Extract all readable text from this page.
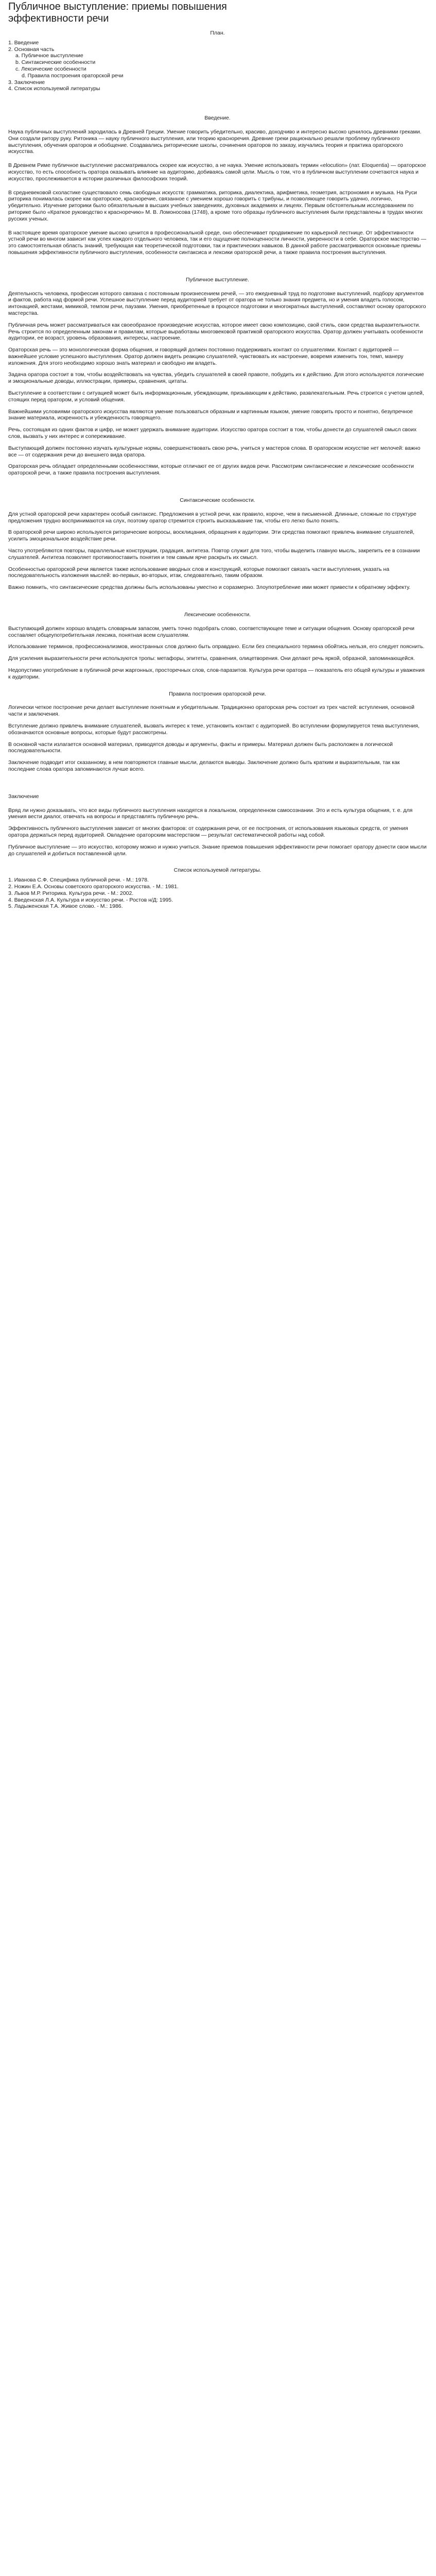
Публичное выступление: приемы повышения эффективности речи
План.
1. Введение
2. Основная часть
a. Публичное выступление
b. Синтаксические особенности
c. Лексические особенности
d. Правила построения ораторской речи
3. Заключение
4. Список используемой литературы
Введение.

Наука публичных выступлений зародилась в Древней Греции. Умение говорить убедительно, красиво, доходчиво и интересно высоко ценилось древними греками. Они создали ритору руку. Ритоника — науку публичного выступления, или теорию красноречия. Древние греки рационально решали проблему публичного выступления, обучения ораторов и обобщение. Создавались риторические школы, сочинения ораторов по заказу, изучались теория и практика ораторского искусства.

В Древнем Риме публичное выступление рассматривалось скорее как искусство, а не наука. Умение использовать термин «elocution» (лат. Eloquentia) — ораторское искусство, то есть способность оратора оказывать влияние на аудиторию, добиваясь самой цели. Мысль о том, что в публичном выступлении сочетаются наука и искусство, прослеживается в истории различных философских теорий.

В средневековой схоластике существовало семь свободных искусств: грамматика, риторика, диалектика, арифметика, геометрия, астрономия и музыка. На Руси риторика понималась скорее как ораторское, красноречие, связанное с умением хорошо говорить с трибуны, и позволяющее говорить удачно, логично, убедительно. Изучение риторики было обязательным в высших учебных заведениях, духовных академиях и лицеях. Первым обстоятельным исследованием по риторике было «Краткое руководство к красноречию» М. В. Ломоносова (1748), а кроме того образцы публичного выступления были представлены в трудах многих русских ученых.

В настоящее время ораторское умение высоко ценится в профессиональной среде, оно обеспечивает продвижение по карьерной лестнице. От эффективности устной речи во многом зависит как успех каждого отдельного человека, так и его ощущение полноценности личности, уверенности в себе. Ораторское мастерство — это самостоятельная область знаний, требующая как теоретической подготовки, так и практических навыков. В данной работе рассматриваются основные приемы повышения эффективности публичного выступления, особенности синтаксиса и лексики ораторской речи, а также правила построения выступления.

Публичное выступление.

Деятельность человека, профессия которого связана с постоянным произнесением речей, — это ежедневный труд по подготовке выступлений, подбору аргументов и фактов, работа над формой речи. Успешное выступление перед аудиторией требует от оратора не только знания предмета, но и умения владеть голосом, интонацией, жестами, мимикой, темпом речи, паузами. Умения, приобретенные в процессе подготовки и многократных выступлений, составляют основу ораторского мастерства.

Публичная речь может рассматриваться как своеобразное произведение искусства, которое имеет свою композицию, свой стиль, свои средства выразительности. Речь строится по определенным законам и правилам, которые выработаны многовековой практикой ораторского искусства. Оратор должен учитывать особенности аудитории, ее возраст, уровень образования, интересы, настроение.

Ораторская речь — это монологическая форма общения, и говорящий должен постоянно поддерживать контакт со слушателями. Контакт с аудиторией — важнейшее условие успешного выступления. Оратор должен видеть реакцию слушателей, чувствовать их настроение, вовремя изменить тон, темп, манеру изложения. Для этого необходимо хорошо знать материал и свободно им владеть.

Задача оратора состоит в том, чтобы воздействовать на чувства, убедить слушателей в своей правоте, побудить их к действию. Для этого используются логические и эмоциональные доводы, иллюстрации, примеры, сравнения, цитаты.

Выступление в соответствии с ситуацией может быть информационным, убеждающим, призывающим к действию, развлекательным. Речь строится с учетом целей, стоящих перед оратором, и условий общения.

Важнейшими условиями ораторского искусства являются умение пользоваться образным и картинным языком, умение говорить просто и понятно, безупречное знание материала, искренность и убежденность говорящего.

Речь, состоящая из одних фактов и цифр, не может удержать внимание аудитории. Искусство оратора состоит в том, чтобы донести до слушателей смысл своих слов, вызвать у них интерес и сопереживание.

Выступающий должен постоянно изучать культурные нормы, совершенствовать свою речь, учиться у мастеров слова. В ораторском искусстве нет мелочей: важно все — от содержания речи до внешнего вида оратора.

Ораторская речь обладает определенными особенностями, которые отличают ее от других видов речи. Рассмотрим синтаксические и лексические особенности ораторской речи, а также правила построения выступления.

Синтаксические особенности.

Для устной ораторской речи характерен особый синтаксис. Предложения в устной речи, как правило, короче, чем в письменной. Длинные, сложные по структуре предложения трудно воспринимаются на слух, поэтому оратор стремится строить высказывание так, чтобы его легко было понять.

В ораторской речи широко используются риторические вопросы, восклицания, обращения к аудитории. Эти средства помогают привлечь внимание слушателей, усилить эмоциональное воздействие речи.

Часто употребляются повторы, параллельные конструкции, градация, антитеза. Повтор служит для того, чтобы выделить главную мысль, закрепить ее в сознании слушателей. Антитеза позволяет противопоставить понятия и тем самым ярче раскрыть их смысл.

Особенностью ораторской речи является также использование вводных слов и конструкций, которые помогают связать части выступления, указать на последовательность изложения мыслей: во-первых, во-вторых, итак, следовательно, таким образом.

Важно помнить, что синтаксические средства должны быть использованы уместно и соразмерно. Злоупотребление ими может привести к обратному эффекту.

Лексические особенности.

Выступающий должен хорошо владеть словарным запасом, уметь точно подобрать слово, соответствующее теме и ситуации общения. Основу ораторской речи составляет общеупотребительная лексика, понятная всем слушателям.

Использование терминов, профессионализмов, иностранных слов должно быть оправдано. Если без специального термина обойтись нельзя, его следует пояснить.

Для усиления выразительности речи используются тропы: метафоры, эпитеты, сравнения, олицетворения. Они делают речь яркой, образной, запоминающейся.

Недопустимо употребление в публичной речи жаргонных, просторечных слов, слов-паразитов. Культура речи оратора — показатель его общей культуры и уважения к аудитории.

Правила построения ораторской речи.

Логически четкое построение речи делает выступление понятным и убедительным. Традиционно ораторская речь состоит из трех частей: вступления, основной части и заключения.

Вступление должно привлечь внимание слушателей, вызвать интерес к теме, установить контакт с аудиторией. Во вступлении формулируется тема выступления, обозначаются основные вопросы, которые будут рассмотрены.

В основной части излагается основной материал, приводятся доводы и аргументы, факты и примеры. Материал должен быть расположен в логической последовательности.

Заключение подводит итог сказанному, в нем повторяются главные мысли, делаются выводы. Заключение должно быть кратким и выразительным, так как последние слова оратора запоминаются лучше всего.

Заключение

Вряд ли нужно доказывать, что все виды публичного выступления находятся в локальном, определенном самосознании. Это и есть культура общения, т. е. для умения вести диалог, отвечать на вопросы и представлять публичную речь.

Эффективность публичного выступления зависит от многих факторов: от содержания речи, от ее построения, от использования языковых средств, от умения оратора держаться перед аудиторией. Овладение ораторским мастерством — результат систематической работы над собой.

Публичное выступление — это искусство, которому можно и нужно учиться. Знание приемов повышения эффективности речи помогает оратору донести свои мысли до слушателей и добиться поставленной цели.

Список используемой литературы.
1. Иванова С.Ф. Специфика публичной речи. - М.: 1978.
2. Ножин Е.А. Основы советского ораторского искусства. - М.: 1981.
3. Львов М.Р. Риторика. Культура речи. - М.: 2002.
4. Введенская Л.А. Культура и искусство речи. - Ростов н/Д: 1995.
5. Ладыженская Т.А. Живое слово. - М.: 1986.
